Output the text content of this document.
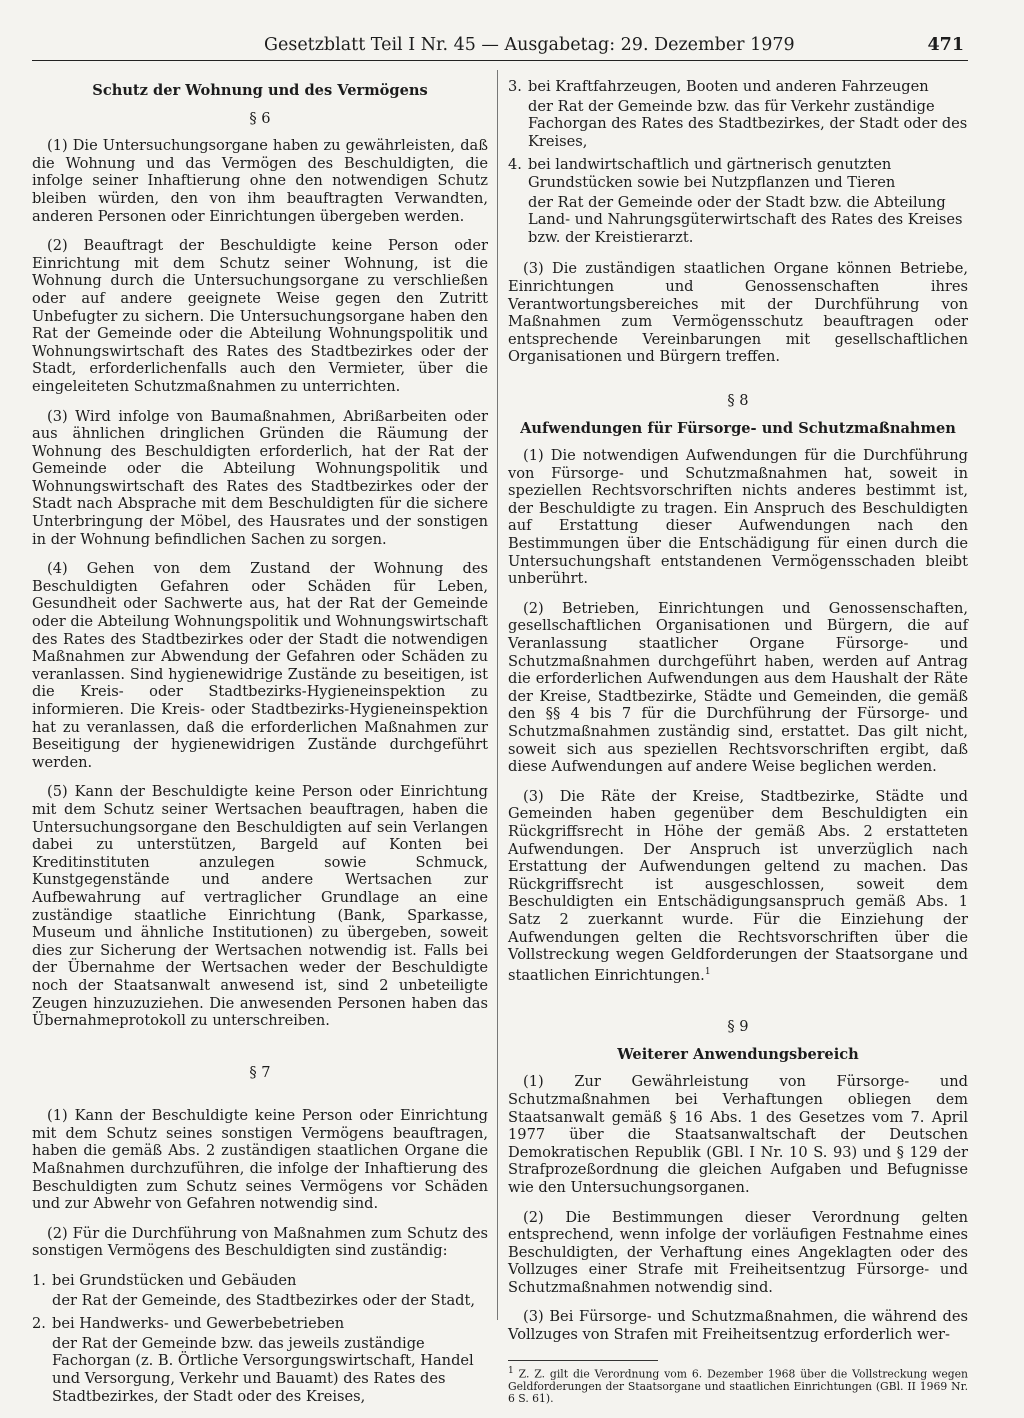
Gesetzblatt Teil I Nr. 45 — Ausgabetag: 29. Dezember 1979	471
Schutz der Wohnung und des Vermögens
§ 6

(1) Die Untersuchungsorgane haben zu gewährleisten, daß die Wohnung und das Vermögen des Beschuldigten, die infolge seiner Inhaftierung ohne den notwendigen Schutz bleiben würden, den von ihm beauftragten Verwandten, anderen Personen oder Einrichtungen übergeben werden.

(2) Beauftragt der Beschuldigte keine Person oder Einrichtung mit dem Schutz seiner Wohnung, ist die Wohnung durch die Untersuchungsorgane zu verschließen oder auf andere geeignete Weise gegen den Zutritt Unbefugter zu sichern. Die Untersuchungsorgane haben den Rat der Gemeinde oder die Abteilung Wohnungspolitik und Wohnungswirtschaft des Rates des Stadtbezirkes oder der Stadt, erforderlichenfalls auch den Vermieter, über die eingeleiteten Schutzmaßnahmen zu unterrichten.

(3) Wird infolge von Baumaßnahmen, Abrißarbeiten oder aus ähnlichen dringlichen Gründen die Räumung der Wohnung des Beschuldigten erforderlich, hat der Rat der Gemeinde oder die Abteilung Wohnungspolitik und Wohnungswirtschaft des Rates des Stadtbezirkes oder der Stadt nach Absprache mit dem Beschuldigten für die sichere Unterbringung der Möbel, des Hausrates und der sonstigen in der Wohnung befindlichen Sachen zu sorgen.

(4) Gehen von dem Zustand der Wohnung des Beschuldigten Gefahren oder Schäden für Leben, Gesundheit oder Sachwerte aus, hat der Rat der Gemeinde oder die Abteilung Wohnungspolitik und Wohnungswirtschaft des Rates des Stadtbezirkes oder der Stadt die notwendigen Maßnahmen zur Abwendung der Gefahren oder Schäden zu veranlassen. Sind hygienewidrige Zustände zu beseitigen, ist die Kreis- oder Stadtbezirks-Hygieneinspektion zu informieren. Die Kreis- oder Stadtbezirks-Hygieneinspektion hat zu veranlassen, daß die erforderlichen Maßnahmen zur Beseitigung der hygienewidrigen Zustände durchgeführt werden.

(5) Kann der Beschuldigte keine Person oder Einrichtung mit dem Schutz seiner Wertsachen beauftragen, haben die Untersuchungsorgane den Beschuldigten auf sein Verlangen dabei zu unterstützen, Bargeld auf Konten bei Kreditinstituten anzulegen sowie Schmuck, Kunstgegenstände und andere Wertsachen zur Aufbewahrung auf vertraglicher Grundlage an eine zuständige staatliche Einrichtung (Bank, Sparkasse, Museum und ähnliche Institutionen) zu übergeben, soweit dies zur Sicherung der Wertsachen notwendig ist. Falls bei der Übernahme der Wertsachen weder der Beschuldigte noch der Staatsanwalt anwesend ist, sind 2 unbeteiligte Zeugen hinzuzuziehen. Die anwesenden Personen haben das Übernahmeprotokoll zu unterschreiben.

§ 7

(1) Kann der Beschuldigte keine Person oder Einrichtung mit dem Schutz seines sonstigen Vermögens beauftragen, haben die gemäß Abs. 2 zuständigen staatlichen Organe die Maßnahmen durchzuführen, die infolge der Inhaftierung des Beschuldigten zum Schutz seines Vermögens vor Schäden und zur Abwehr von Gefahren notwendig sind.

(2) Für die Durchführung von Maßnahmen zum Schutz des sonstigen Vermögens des Beschuldigten sind zuständig:

1. bei Grundstücken und Gebäuden
der Rat der Gemeinde, des Stadtbezirkes oder der Stadt,
2. bei Handwerks- und Gewerbebetrieben
der Rat der Gemeinde bzw. das jeweils zuständige Fachorgan (z. B. Örtliche Versorgungswirtschaft, Handel und Versorgung, Verkehr und Bauamt) des Rates des Stadtbezirkes, der Stadt oder des Kreises,
3. bei Kraftfahrzeugen, Booten und anderen Fahrzeugen
der Rat der Gemeinde bzw. das für Verkehr zuständige Fachorgan des Rates des Stadtbezirkes, der Stadt oder des Kreises,
4. bei landwirtschaftlich und gärtnerisch genutzten Grundstücken sowie bei Nutzpflanzen und Tieren
der Rat der Gemeinde oder der Stadt bzw. die Abteilung Land- und Nahrungsgüterwirtschaft des Rates des Kreises bzw. der Kreistierarzt.

(3) Die zuständigen staatlichen Organe können Betriebe, Einrichtungen und Genossenschaften ihres Verantwortungsbereiches mit der Durchführung von Maßnahmen zum Vermögensschutz beauftragen oder entsprechende Vereinbarungen mit gesellschaftlichen Organisationen und Bürgern treffen.

§ 8
Aufwendungen für Fürsorge- und Schutzmaßnahmen

(1) Die notwendigen Aufwendungen für die Durchführung von Fürsorge- und Schutzmaßnahmen hat, soweit in speziellen Rechtsvorschriften nichts anderes bestimmt ist, der Beschuldigte zu tragen. Ein Anspruch des Beschuldigten auf Erstattung dieser Aufwendungen nach den Bestimmungen über die Entschädigung für einen durch die Untersuchungshaft entstandenen Vermögensschaden bleibt unberührt.

(2) Betrieben, Einrichtungen und Genossenschaften, gesellschaftlichen Organisationen und Bürgern, die auf Veranlassung staatlicher Organe Fürsorge- und Schutzmaßnahmen durchgeführt haben, werden auf Antrag die erforderlichen Aufwendungen aus dem Haushalt der Räte der Kreise, Stadtbezirke, Städte und Gemeinden, die gemäß den §§ 4 bis 7 für die Durchführung der Fürsorge- und Schutzmaßnahmen zuständig sind, erstattet. Das gilt nicht, soweit sich aus speziellen Rechtsvorschriften ergibt, daß diese Aufwendungen auf andere Weise beglichen werden.

(3) Die Räte der Kreise, Stadtbezirke, Städte und Gemeinden haben gegenüber dem Beschuldigten ein Rückgriffsrecht in Höhe der gemäß Abs. 2 erstatteten Aufwendungen. Der Anspruch ist unverzüglich nach Erstattung der Aufwendungen geltend zu machen. Das Rückgriffsrecht ist ausgeschlossen, soweit dem Beschuldigten ein Entschädigungsanspruch gemäß Abs. 1 Satz 2 zuerkannt wurde. Für die Einziehung der Aufwendungen gelten die Rechtsvorschriften über die Vollstreckung wegen Geldforderungen der Staatsorgane und staatlichen Einrichtungen.$^1$

§ 9
Weiterer Anwendungsbereich

(1) Zur Gewährleistung von Fürsorge- und Schutzmaßnahmen bei Verhaftungen obliegen dem Staatsanwalt gemäß § 16 Abs. 1 des Gesetzes vom 7. April 1977 über die Staatsanwaltschaft der Deutschen Demokratischen Republik (GBl. I Nr. 10 S. 93) und § 129 der Strafprozeßordnung die gleichen Aufgaben und Befugnisse wie den Untersuchungsorganen.

(2) Die Bestimmungen dieser Verordnung gelten entsprechend, wenn infolge der vorläufigen Festnahme eines Beschuldigten, der Verhaftung eines Angeklagten oder des Vollzuges einer Strafe mit Freiheitsentzug Fürsorge- und Schutzmaßnahmen notwendig sind.

(3) Bei Fürsorge- und Schutzmaßnahmen, die während des Vollzuges von Strafen mit Freiheitsentzug erforderlich wer-

$^1$ Z. Z. gilt die Verordnung vom 6. Dezember 1968 über die Vollstreckung wegen Geldforderungen der Staatsorgane und staatlichen Einrichtungen (GBl. II 1969 Nr. 6 S. 61).
